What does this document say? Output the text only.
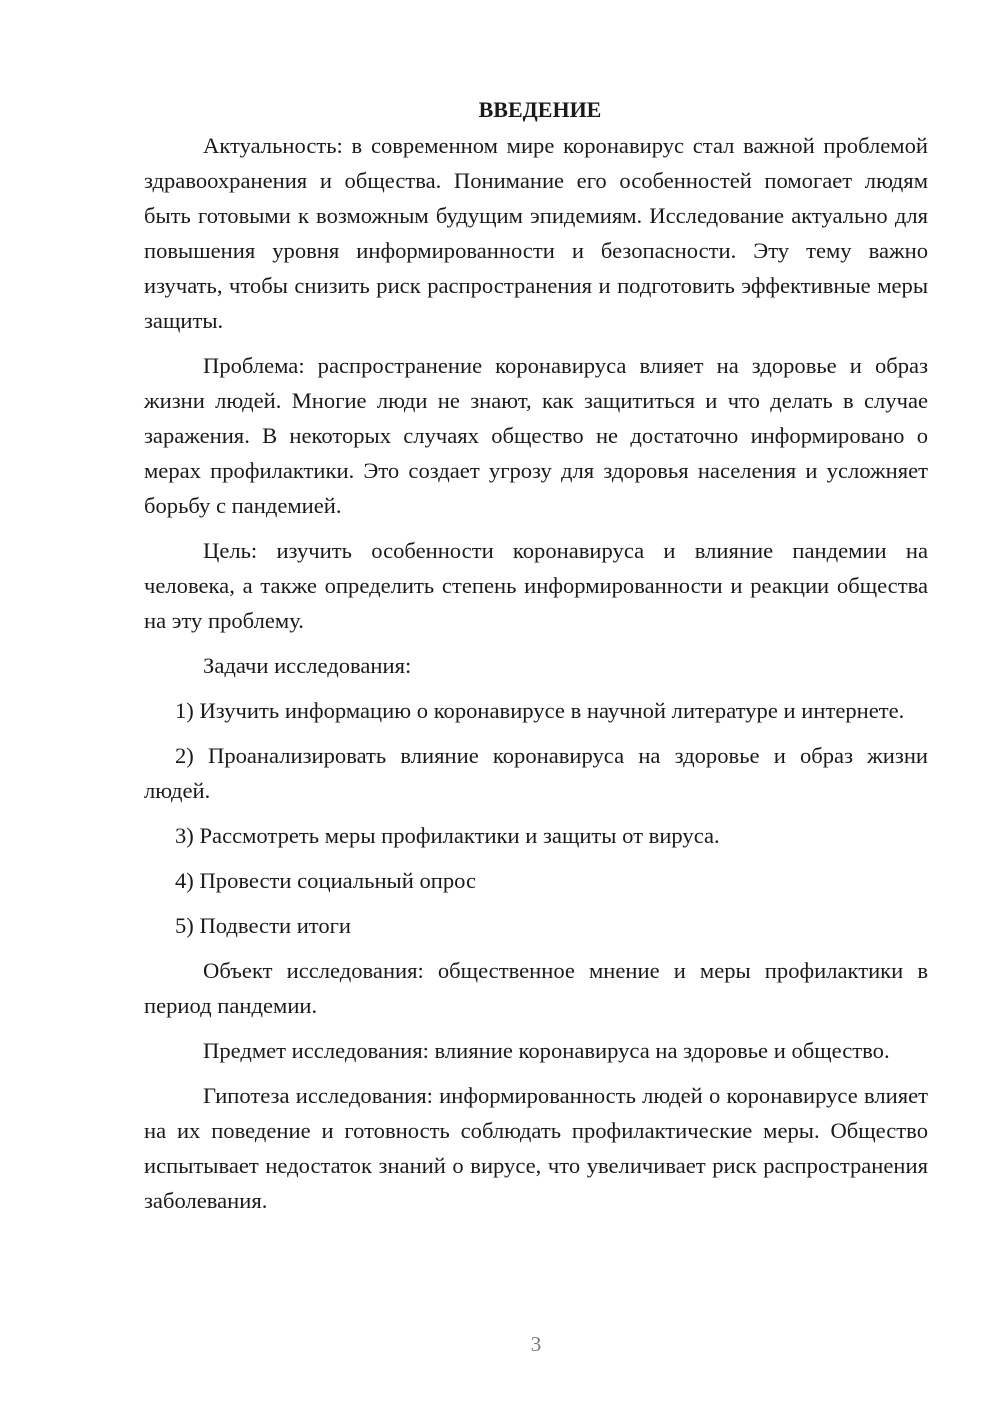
ВВЕДЕНИЕ

Актуальность: в современном мире коронавирус стал важной проблемой здравоохранения и общества. Понимание его особенностей помогает людям быть готовыми к возможным будущим эпидемиям. Исследование актуально для повышения уровня информированности и безопасности. Эту тему важно изучать, чтобы снизить риск распространения и подготовить эффективные меры защиты.

Проблема: распространение коронавируса влияет на здоровье и образ жизни людей. Многие люди не знают, как защититься и что делать в случае заражения. В некоторых случаях общество не достаточно информировано о мерах профилактики. Это создает угрозу для здоровья населения и усложняет борьбу с пандемией.

Цель: изучить особенности коронавируса и влияние пандемии на человека, а также определить степень информированности и реакции общества на эту проблему.

Задачи исследования:

1) Изучить информацию о коронавирусе в научной литературе и интернете.

2) Проанализировать влияние коронавируса на здоровье и образ жизни людей.

3) Рассмотреть меры профилактики и защиты от вируса.

4) Провести социальный опрос

5) Подвести итоги

Объект исследования: общественное мнение и меры профилактики в период пандемии.

Предмет исследования: влияние коронавируса на здоровье и общество.

Гипотеза исследования: информированность людей о коронавирусе влияет на их поведение и готовность соблюдать профилактические меры. Общество испытывает недостаток знаний о вирусе, что увеличивает риск распространения заболевания.

3
